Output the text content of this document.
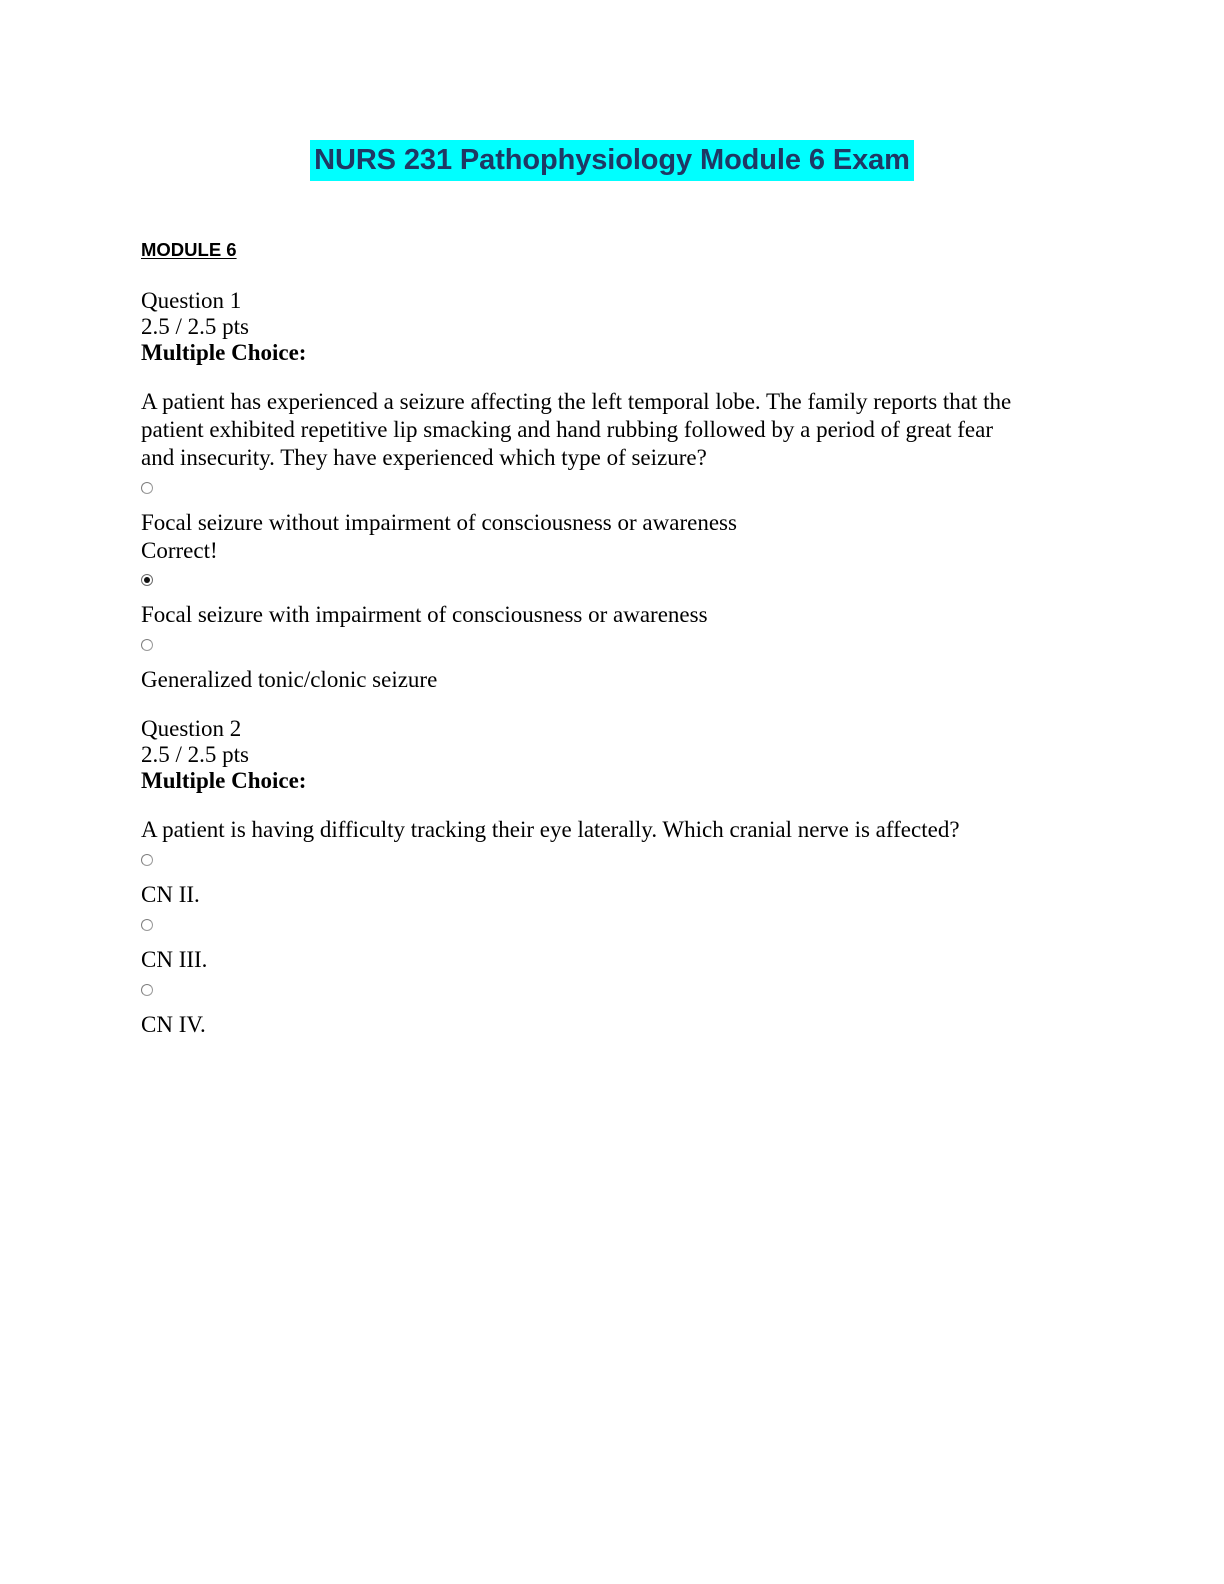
NURS 231 Pathophysiology Module 6 Exam
MODULE 6
Question 1
2.5 / 2.5 pts
Multiple Choice:
A patient has experienced a seizure affecting the left temporal lobe. The family reports that the patient exhibited repetitive lip smacking and hand rubbing followed by a period of great fear and insecurity. They have experienced which type of seizure?
Focal seizure without impairment of consciousness or awareness
Correct!
Focal seizure with impairment of consciousness or awareness
Generalized tonic/clonic seizure
Question 2
2.5 / 2.5 pts
Multiple Choice:
A patient is having difficulty tracking their eye laterally. Which cranial nerve is affected?
CN II.
CN III.
CN IV.
